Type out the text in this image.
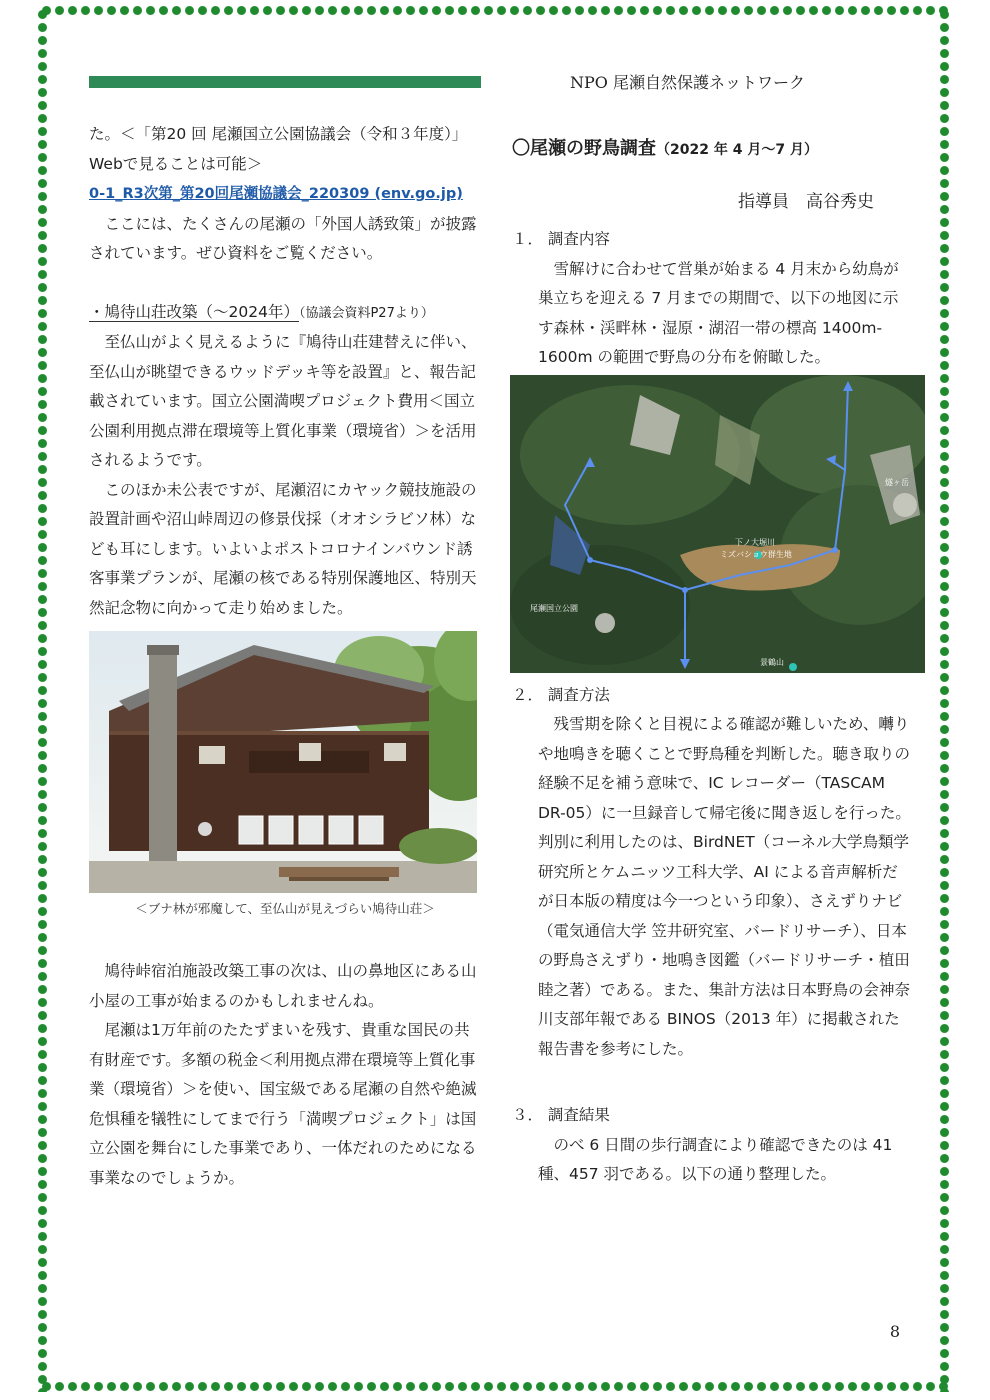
NPO 尾瀬自然保護ネットワーク

た。＜「第20 回 尾瀬国立公園協議会（令和３年度）」

Webで見ることは可能＞

0-1_R3次第_第20回尾瀬協議会_220309 (env.go.jp)

ここには、たくさんの尾瀬の「外国人誘致策」が披露されています。ぜひ資料をご覧ください。

・鳩待山荘改築（～2024年）（協議会資料P27より）

至仏山がよく見えるように『鳩待山荘建替えに伴い、至仏山が眺望できるウッドデッキ等を設置』と、報告記載されています。国立公園満喫プロジェクト費用＜国立公園利用拠点滞在環境等上質化事業（環境省）＞を活用されるようです。

このほか未公表ですが、尾瀬沼にカヤック競技施設の設置計画や沼山峠周辺の修景伐採（オオシラビソ林）なども耳にします。いよいよポストコロナインバウンド誘客事業プランが、尾瀬の核である特別保護地区、特別天然記念物に向かって走り始めました。

＜ブナ林が邪魔して、至仏山が見えづらい鳩待山荘＞

鳩待峠宿泊施設改築工事の次は、山の鼻地区にある山小屋の工事が始まるのかもしれませんね。

尾瀬は1万年前のたたずまいを残す、貴重な国民の共有財産です。多額の税金＜利用拠点滞在環境等上質化事業（環境省）＞を使い、国宝級である尾瀬の自然や絶滅危惧種を犠牲にしてまで行う「満喫プロジェクト」は国立公園を舞台にした事業であり、一体だれのためになる事業なのでしょうか。

〇尾瀬の野鳥調査（2022 年 4 月～7 月）

指導員　高谷秀史

１． 調査内容

雪解けに合わせて営巣が始まる 4 月末から幼鳥が巣立ちを迎える 7 月までの期間で、以下の地図に示す森林・渓畔林・湿原・湖沼一帯の標高 1400m-1600m の範囲で野鳥の分布を俯瞰した。

下ノ大堀川
ミズバショウ群生地
尾瀬国立公園
燧ヶ岳
景鶴山

２． 調査方法

残雪期を除くと目視による確認が難しいため、囀りや地鳴きを聴くことで野鳥種を判断した。聴き取りの経験不足を補う意味で、IC レコーダー（TASCAM DR-05）に一旦録音して帰宅後に聞き返しを行った。判別に利用したのは、BirdNET（コーネル大学鳥類学研究所とケムニッツ工科大学、AI による音声解析だが日本版の精度は今一つという印象）、さえずりナビ（電気通信大学 笠井研究室、バードリサーチ）、日本の野鳥さえずり・地鳴き図鑑（バードリサーチ・植田睦之著）である。また、集計方法は日本野鳥の会神奈川支部年報である BINOS（2013 年）に掲載された報告書を参考にした。

３． 調査結果

のべ 6 日間の歩行調査により確認できたのは 41 種、457 羽である。以下の通り整理した。

8
